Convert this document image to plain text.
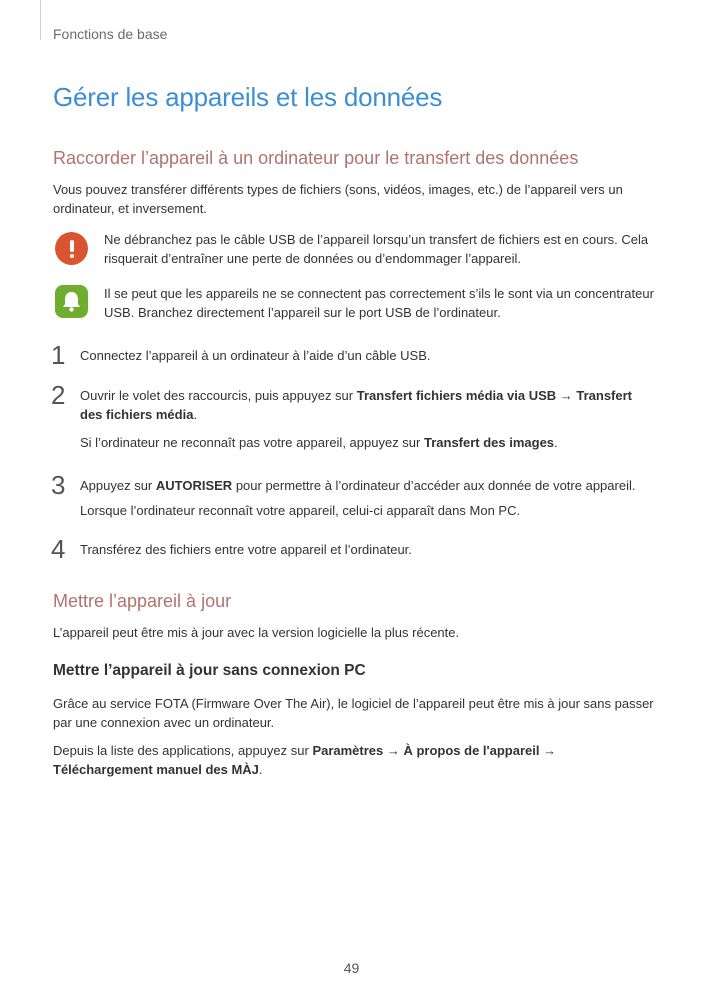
Fonctions de base
Gérer les appareils et les données
Raccorder l’appareil à un ordinateur pour le transfert des données
Vous pouvez transférer différents types de fichiers (sons, vidéos, images, etc.) de l’appareil vers un ordinateur, et inversement.
Ne débranchez pas le câble USB de l’appareil lorsqu’un transfert de fichiers est en cours. Cela risquerait d’entraîner une perte de données ou d’endommager l’appareil.
Il se peut que les appareils ne se connectent pas correctement s’ils le sont via un concentrateur USB. Branchez directement l’appareil sur le port USB de l’ordinateur.
1 Connectez l’appareil à un ordinateur à l’aide d’un câble USB.
2 Ouvrir le volet des raccourcis, puis appuyez sur Transfert fichiers média via USB → Transfert des fichiers média.
Si l’ordinateur ne reconnaît pas votre appareil, appuyez sur Transfert des images.
3 Appuyez sur AUTORISER pour permettre à l’ordinateur d’accéder aux donnée de votre appareil.
Lorsque l’ordinateur reconnaît votre appareil, celui-ci apparaît dans Mon PC.
4 Transférez des fichiers entre votre appareil et l’ordinateur.
Mettre l’appareil à jour
L’appareil peut être mis à jour avec la version logicielle la plus récente.
Mettre l’appareil à jour sans connexion PC
Grâce au service FOTA (Firmware Over The Air), le logiciel de l’appareil peut être mis à jour sans passer par une connexion avec un ordinateur.
Depuis la liste des applications, appuyez sur Paramètres → À propos de l'appareil → Téléchargement manuel des MÀJ.
49
